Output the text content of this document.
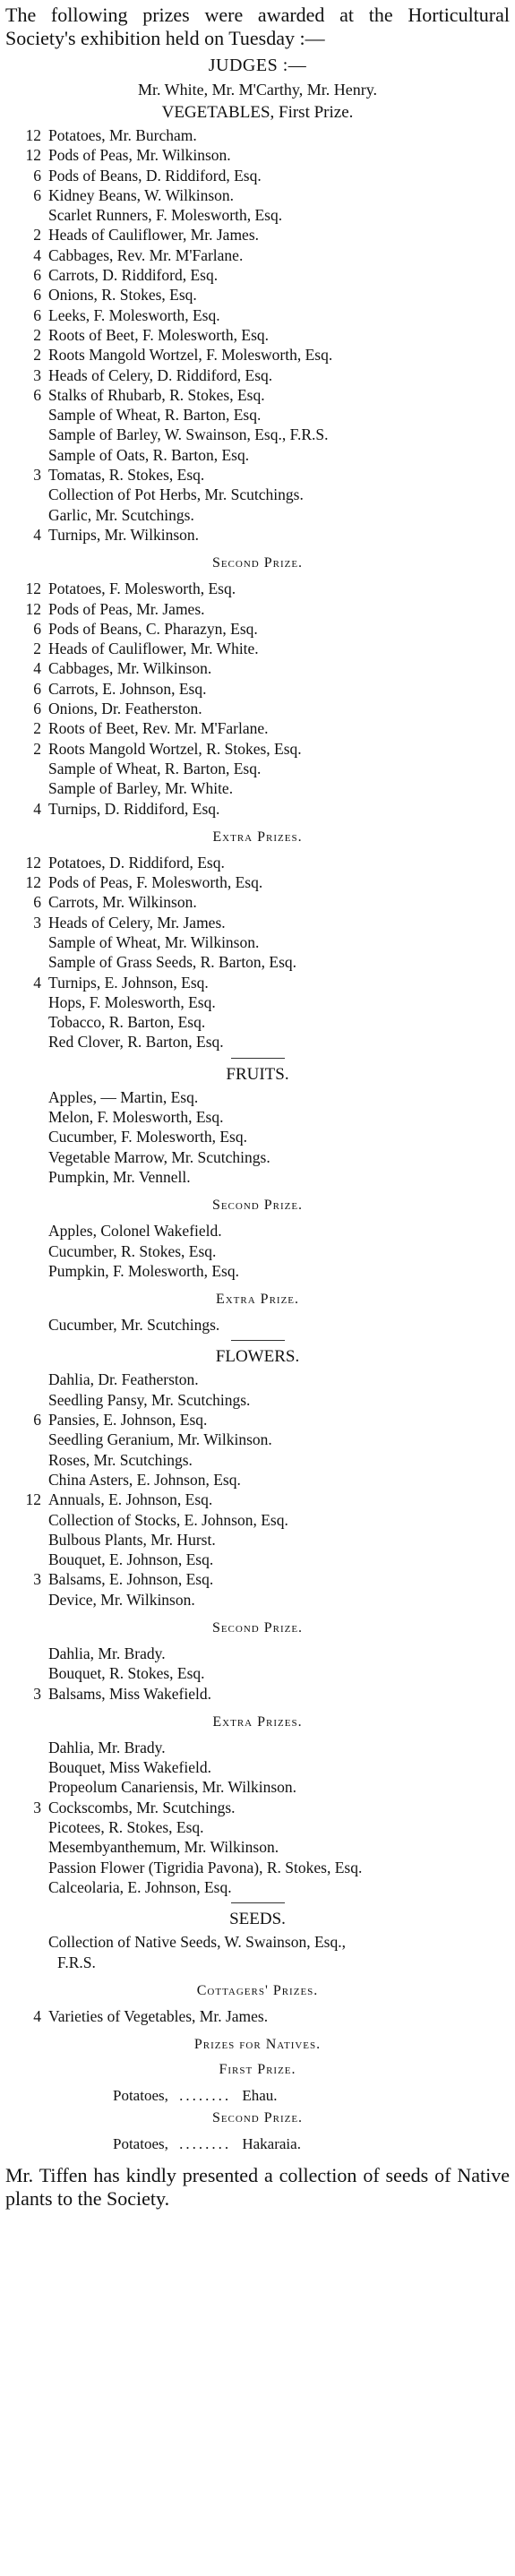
The following prizes were awarded at the Horticultural Society's exhibition held on Tuesday :—

JUDGES :—
Mr. White, Mr. M'Carthy, Mr. Henry.
VEGETABLES, First Prize.
12 Potatoes, Mr. Burcham.
12 Pods of Peas, Mr. Wilkinson.
6 Pods of Beans, D. Riddiford, Esq.
6 Kidney Beans, W. Wilkinson.
Scarlet Runners, F. Molesworth, Esq.
2 Heads of Cauliflower, Mr. James.
4 Cabbages, Rev. Mr. M'Farlane.
6 Carrots, D. Riddiford, Esq.
6 Onions, R. Stokes, Esq.
6 Leeks, F. Molesworth, Esq.
2 Roots of Beet, F. Molesworth, Esq.
2 Roots Mangold Wortzel, F. Molesworth, Esq.
3 Heads of Celery, D. Riddiford, Esq.
6 Stalks of Rhubarb, R. Stokes, Esq.
Sample of Wheat, R. Barton, Esq.
Sample of Barley, W. Swainson, Esq., F.R.S.
Sample of Oats, R. Barton, Esq.
3 Tomatas, R. Stokes, Esq.
Collection of Pot Herbs, Mr. Scutchings.
Garlic, Mr. Scutchings.
4 Turnips, Mr. Wilkinson.
Second Prize.
12 Potatoes, F. Molesworth, Esq.
12 Pods of Peas, Mr. James.
6 Pods of Beans, C. Pharazyn, Esq.
2 Heads of Cauliflower, Mr. White.
4 Cabbages, Mr. Wilkinson.
6 Carrots, E. Johnson, Esq.
6 Onions, Dr. Featherston.
2 Roots of Beet, Rev. Mr. M'Farlane.
2 Roots Mangold Wortzel, R. Stokes, Esq.
Sample of Wheat, R. Barton, Esq.
Sample of Barley, Mr. White.
4 Turnips, D. Riddiford, Esq.
Extra Prizes.
12 Potatoes, D. Riddiford, Esq.
12 Pods of Peas, F. Molesworth, Esq.
6 Carrots, Mr. Wilkinson.
3 Heads of Celery, Mr. James.
Sample of Wheat, Mr. Wilkinson.
Sample of Grass Seeds, R. Barton, Esq.
4 Turnips, E. Johnson, Esq.
Hops, F. Molesworth, Esq.
Tobacco, R. Barton, Esq.
Red Clover, R. Barton, Esq.
FRUITS.
Apples, — Martin, Esq.
Melon, F. Molesworth, Esq.
Cucumber, F. Molesworth, Esq.
Vegetable Marrow, Mr. Scutchings.
Pumpkin, Mr. Vennell.
Second Prize.
Apples, Colonel Wakefield.
Cucumber, R. Stokes, Esq.
Pumpkin, F. Molesworth, Esq.
Extra Prize.
Cucumber, Mr. Scutchings.
FLOWERS.
Dahlia, Dr. Featherston.
Seedling Pansy, Mr. Scutchings.
6 Pansies, E. Johnson, Esq.
Seedling Geranium, Mr. Wilkinson.
Roses, Mr. Scutchings.
China Asters, E. Johnson, Esq.
12 Annuals, E. Johnson, Esq.
Collection of Stocks, E. Johnson, Esq.
Bulbous Plants, Mr. Hurst.
Bouquet, E. Johnson, Esq.
3 Balsams, E. Johnson, Esq.
Device, Mr. Wilkinson.
Second Prize.
Dahlia, Mr. Brady.
Bouquet, R. Stokes, Esq.
3 Balsams, Miss Wakefield.
Extra Prizes.
Dahlia, Mr. Brady.
Bouquet, Miss Wakefield.
Propeolum Canariensis, Mr. Wilkinson.
3 Cockscombs, Mr. Scutchings.
Picotees, R. Stokes, Esq.
Mesembyanthemum, Mr. Wilkinson.
Passion Flower (Tigridia Pavona), R. Stokes, Esq.
Calceolaria, E. Johnson, Esq.
SEEDS.
Collection of Native Seeds, W. Swainson, Esq.,
F.R.S.
Cottagers' Prizes.
4 Varieties of Vegetables, Mr. James.
Prizes for Natives.
First Prize.
Potatoes, ........ Ehau.
Second Prize.
Potatoes, ........ Hakaraia.

Mr. Tiffen has kindly presented a collection of seeds of Native plants to the Society.
